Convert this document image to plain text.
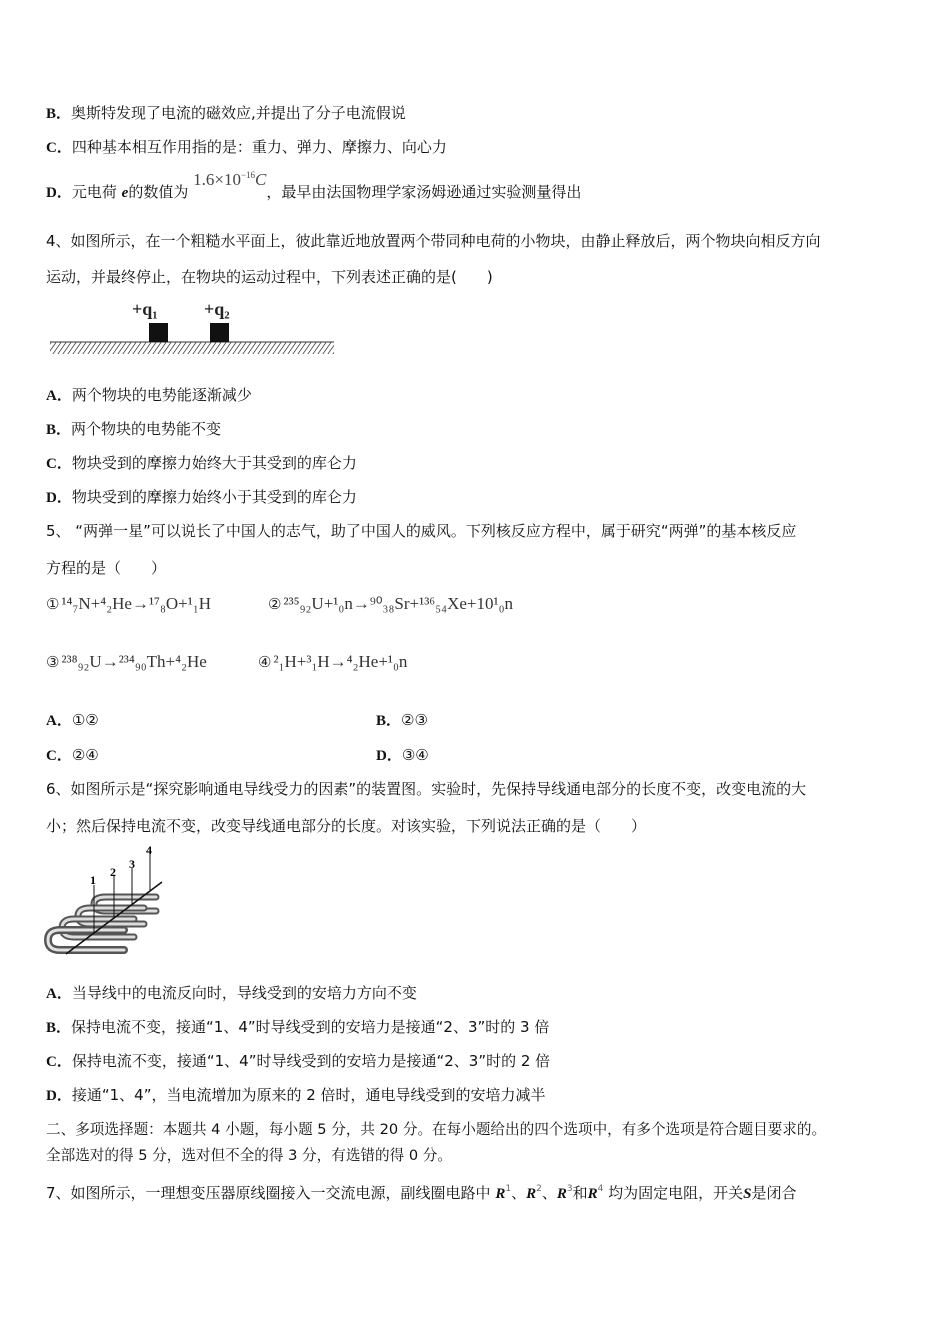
B．奥斯特发现了电流的磁效应,并提出了分子电流假说
C．四种基本相互作用指的是：重力、弹力、摩擦力、向心力
D．元电荷 e的数值为 $1.6\times 10^{-16}C$，最早由法国物理学家汤姆逊通过实验测量得出
4、如图所示，在一个粗糙水平面上，彼此靠近地放置两个带同种电荷的小物块，由静止释放后，两个物块向相反方向
运动，并最终停止，在物块的运动过程中，下列表述正确的是(　　)
+q₁	+q₂
A．两个物块的电势能逐渐减少
B．两个物块的电势能不变
C．物块受到的摩擦力始终大于其受到的库仑力
D．物块受到的摩擦力始终小于其受到的库仑力
5、 “两弹一星”可以说长了中国人的志气，助了中国人的威风。下列核反应方程中，属于研究“两弹”的基本核反应
方程的是（　　）
① ¹⁴₇N+⁴₂He→¹⁷₈O+¹₁H	② ²³⁵₉₂U+¹₀n→⁹⁰₃₈Sr+¹³⁶₅₄Xe+10¹₀n
③ ²³⁸₉₂U→²³⁴₉₀Th+⁴₂He	④ ²₁H+³₁H→⁴₂He+¹₀n
A．①②	B．②③
C．②④	D．③④
6、如图所示是“探究影响通电导线受力的因素”的装置图。实验时，先保持导线通电部分的长度不变，改变电流的大
小；然后保持电流不变，改变导线通电部分的长度。对该实验，下列说法正确的是（　　）
1
2
3
4
A．当导线中的电流反向时，导线受到的安培力方向不变
B．保持电流不变，接通“1、4”时导线受到的安培力是接通“2、3”时的 3 倍
C．保持电流不变，接通“1、4”时导线受到的安培力是接通“2、3”时的 2 倍
D．接通“1、4”，当电流增加为原来的 2 倍时，通电导线受到的安培力减半
二、多项选择题：本题共 4 小题，每小题 5 分，共 20 分。在每小题给出的四个选项中，有多个选项是符合题目要求的。
全部选对的得 5 分，选对但不全的得 3 分，有选错的得 0 分。
7、如图所示，一理想变压器原线圈接入一交流电源，副线圈电路中 $R^1$、$R^2$、$R^3$和$R^4$ 均为固定电阻，开关S是闭合
